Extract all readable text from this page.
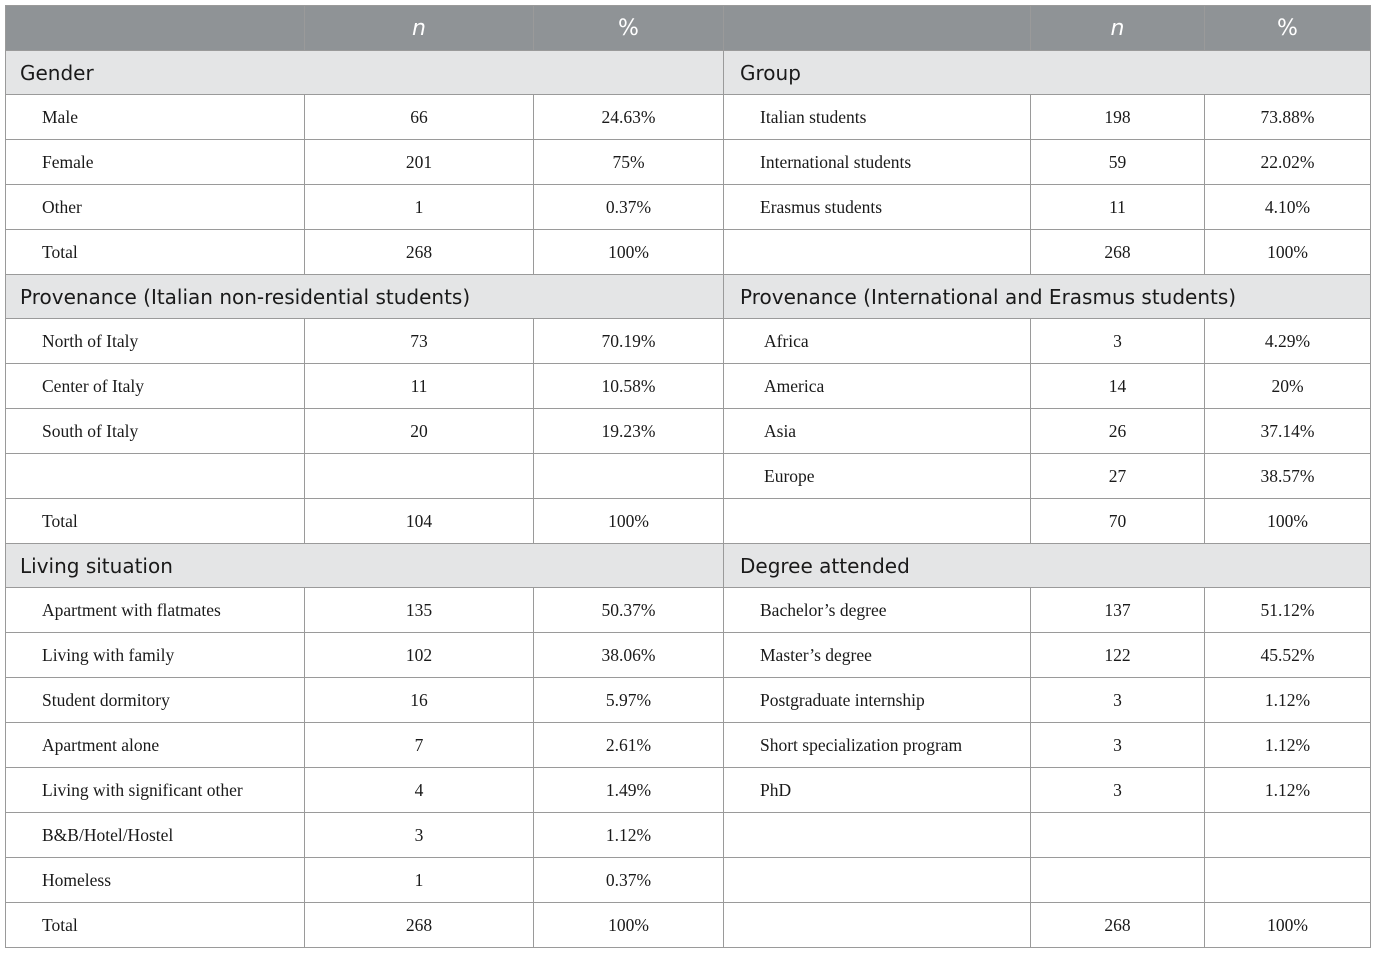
	n	%		n	%
Gender			Group		
Male	66	24.63%	Italian students	198	73.88%
Female	201	75%	International students	59	22.02%
Other	1	0.37%	Erasmus students	11	4.10%
Total	268	100%		268	100%
Provenance (Italian non-residential students)			Provenance (International and Erasmus students)		
North of Italy	73	70.19%	Africa	3	4.29%
Center of Italy	11	10.58%	America	14	20%
South of Italy	20	19.23%	Asia	26	37.14%
			Europe	27	38.57%
Total	104	100%		70	100%
Living situation			Degree attended		
Apartment with flatmates	135	50.37%	Bachelor’s degree	137	51.12%
Living with family	102	38.06%	Master’s degree	122	45.52%
Student dormitory	16	5.97%	Postgraduate internship	3	1.12%
Apartment alone	7	2.61%	Short specialization program	3	1.12%
Living with significant other	4	1.49%	PhD	3	1.12%
B&B/Hotel/Hostel	3	1.12%			
Homeless	1	0.37%			
Total	268	100%		268	100%
